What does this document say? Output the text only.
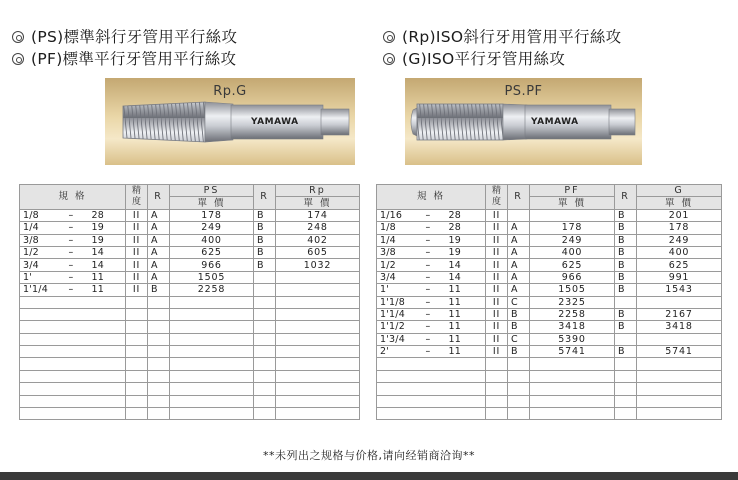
(PS)標準斜行牙管用平行絲攻
(PF)標準平行牙管用平行絲攻
(Rp)ISO斜行牙用管用平行絲攻
(G)ISO平行牙管用絲攻
Rp.G
YAMAWA
PS.PF
YAMAWA
規 格	精度	R	PS	R	Rp
			單 價		單 價
1/8 – 28	II	A	178	B	174
1/4 – 19	II	A	249	B	248
3/8 – 19	II	A	400	B	402
1/2 – 14	II	A	625	B	605
3/4 – 14	II	A	966	B	1032
1' – 11	II	A	1505		
1'1/4 – 11	II	B	2258		

規 格	精度	R	PF	R	G
			單 價		單 價
1/16 – 28	II			B	201
1/8 – 28	II	A	178	B	178
1/4 – 19	II	A	249	B	249
3/8 – 19	II	A	400	B	400
1/2 – 14	II	A	625	B	625
3/4 – 14	II	A	966	B	991
1' – 11	II	A	1505	B	1543
1'1/8 – 11	II	C	2325		
1'1/4 – 11	II	B	2258	B	2167
1'1/2 – 11	II	B	3418	B	3418
1'3/4 – 11	II	C	5390		
2' – 11	II	B	5741	B	5741

**未列出之规格与价格,请向经销商洽询**
